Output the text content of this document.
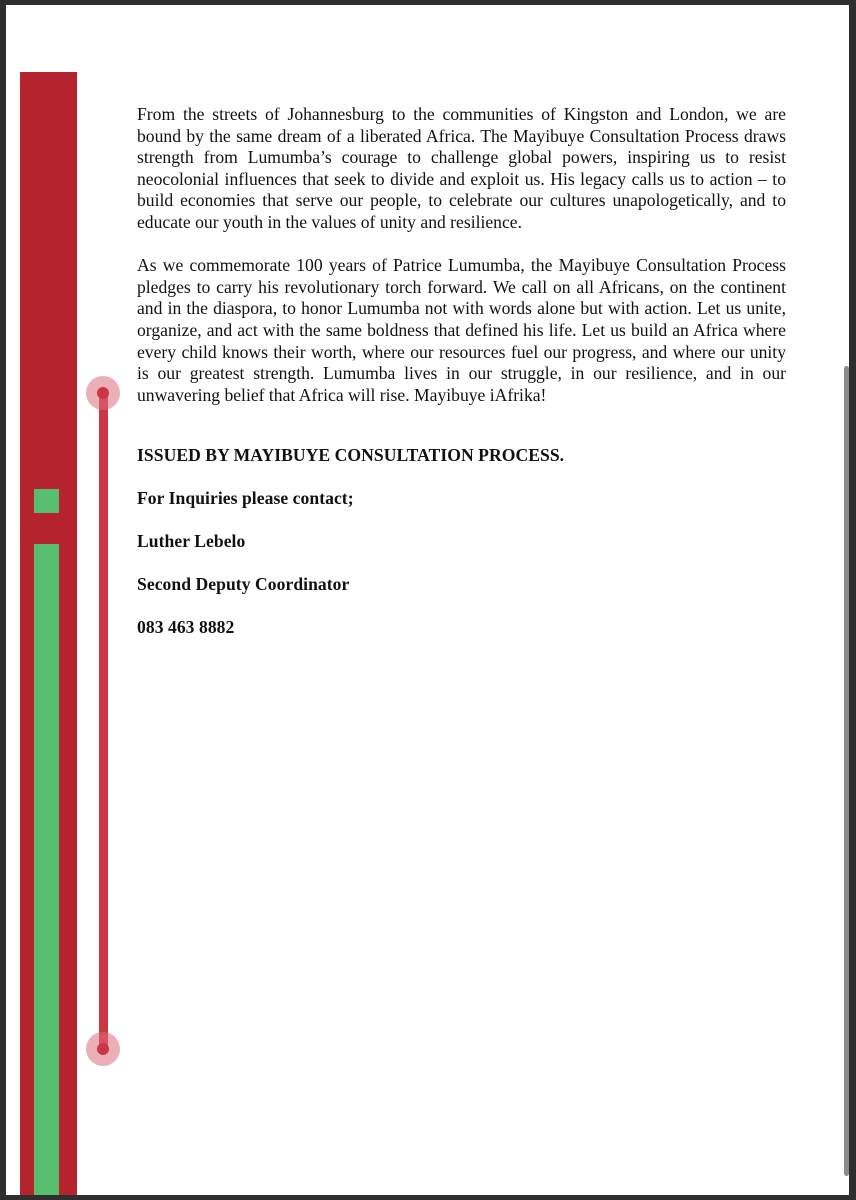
From the streets of Johannesburg to the communities of Kingston and London, we are bound by the same dream of a liberated Africa. The Mayibuye Consultation Process draws strength from Lumumba’s courage to challenge global powers, inspiring us to resist neocolonial influences that seek to divide and exploit us. His legacy calls us to action – to build economies that serve our people, to celebrate our cultures unapologetically, and to educate our youth in the values of unity and resilience.

As we commemorate 100 years of Patrice Lumumba, the Mayibuye Consultation Process pledges to carry his revolutionary torch forward. We call on all Africans, on the continent and in the diaspora, to honor Lumumba not with words alone but with action. Let us unite, organize, and act with the same boldness that defined his life. Let us build an Africa where every child knows their worth, where our resources fuel our progress, and where our unity is our greatest strength. Lumumba lives in our struggle, in our resilience, and in our unwavering belief that Africa will rise. Mayibuye iAfrika!

ISSUED BY MAYIBUYE CONSULTATION PROCESS.

For Inquiries please contact;

Luther Lebelo

Second Deputy Coordinator

083 463 8882
